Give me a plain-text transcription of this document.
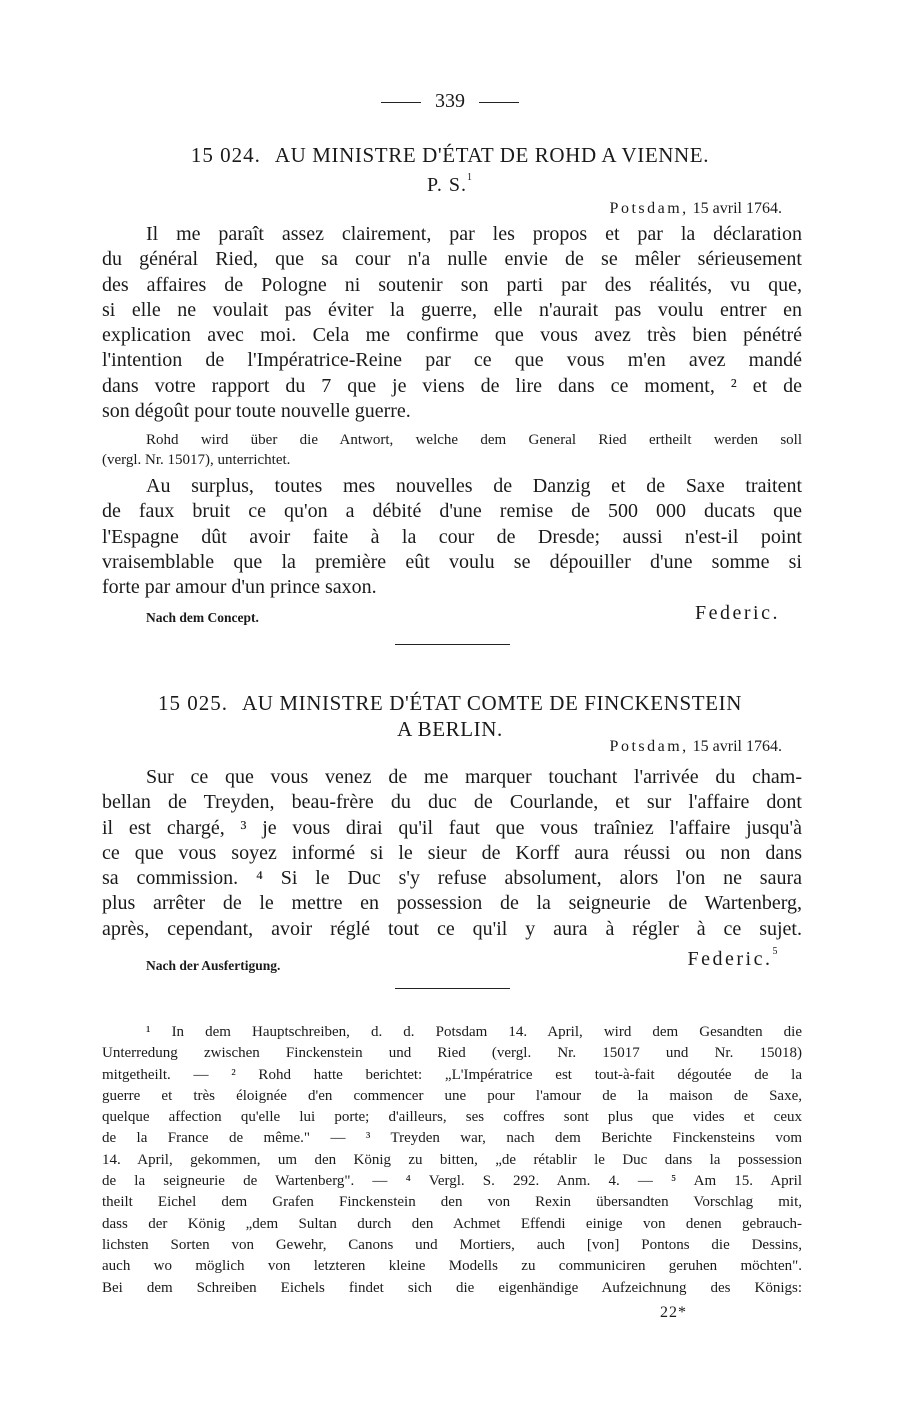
339
15 024. AU MINISTRE D'ÉTAT DE ROHD A VIENNE.
P. S.$^1$
Potsdam, 15 avril 1764.
Il me paraît assez clairement, par les propos et par la déclaration
du général Ried, que sa cour n'a nulle envie de se mêler sérieusement
des affaires de Pologne ni soutenir son parti par des réalités, vu que,
si elle ne voulait pas éviter la guerre, elle n'aurait pas voulu entrer en
explication avec moi. Cela me confirme que vous avez très bien pénétré
l'intention de l'Impératrice-Reine par ce que vous m'en avez mandé
dans votre rapport du 7 que je viens de lire dans ce moment, ² et de
son dégoût pour toute nouvelle guerre.
Rohd wird über die Antwort, welche dem General Ried ertheilt werden soll
(vergl. Nr. 15017), unterrichtet.
Au surplus, toutes mes nouvelles de Danzig et de Saxe traitent
de faux bruit ce qu'on a débité d'une remise de 500 000 ducats que
l'Espagne dût avoir faite à la cour de Dresde; aussi n'est-il point
vraisemblable que la première eût voulu se dépouiller d'une somme si
forte par amour d'un prince saxon.
Nach dem Concept.	Federic.
15 025. AU MINISTRE D'ÉTAT COMTE DE FINCKENSTEIN
A BERLIN.
Potsdam, 15 avril 1764.
Sur ce que vous venez de me marquer touchant l'arrivée du cham-
bellan de Treyden, beau-frère du duc de Courlande, et sur l'affaire dont
il est chargé, ³ je vous dirai qu'il faut que vous traîniez l'affaire jusqu'à
ce que vous soyez informé si le sieur de Korff aura réussi ou non dans
sa commission. ⁴ Si le Duc s'y refuse absolument, alors l'on ne saura
plus arrêter de le mettre en possession de la seigneurie de Wartenberg,
après, cependant, avoir réglé tout ce qu'il y aura à régler à ce sujet.
Nach der Ausfertigung.	Federic.$^5$
¹ In dem Hauptschreiben, d. d. Potsdam 14. April, wird dem Gesandten die
Unterredung zwischen Finckenstein und Ried (vergl. Nr. 15017 und Nr. 15018)
mitgetheilt. — ² Rohd hatte berichtet: „L'Impératrice est tout-à-fait dégoutée de la
guerre et très éloignée d'en commencer une pour l'amour de la maison de Saxe,
quelque affection qu'elle lui porte; d'ailleurs, ses coffres sont plus que vides et ceux
de la France de même." — ³ Treyden war, nach dem Berichte Finckensteins vom
14. April, gekommen, um den König zu bitten, „de rétablir le Duc dans la possession
de la seigneurie de Wartenberg". — ⁴ Vergl. S. 292. Anm. 4. — ⁵ Am 15. April
theilt Eichel dem Grafen Finckenstein den von Rexin übersandten Vorschlag mit,
dass der König „dem Sultan durch den Achmet Effendi einige von denen gebrauch-
lichsten Sorten von Gewehr, Canons und Mortiers, auch [von] Pontons die Dessins,
auch wo möglich von letzteren kleine Modells zu communiciren geruhen möchten".
Bei dem Schreiben Eichels findet sich die eigenhändige Aufzeichnung des Königs:
22*
